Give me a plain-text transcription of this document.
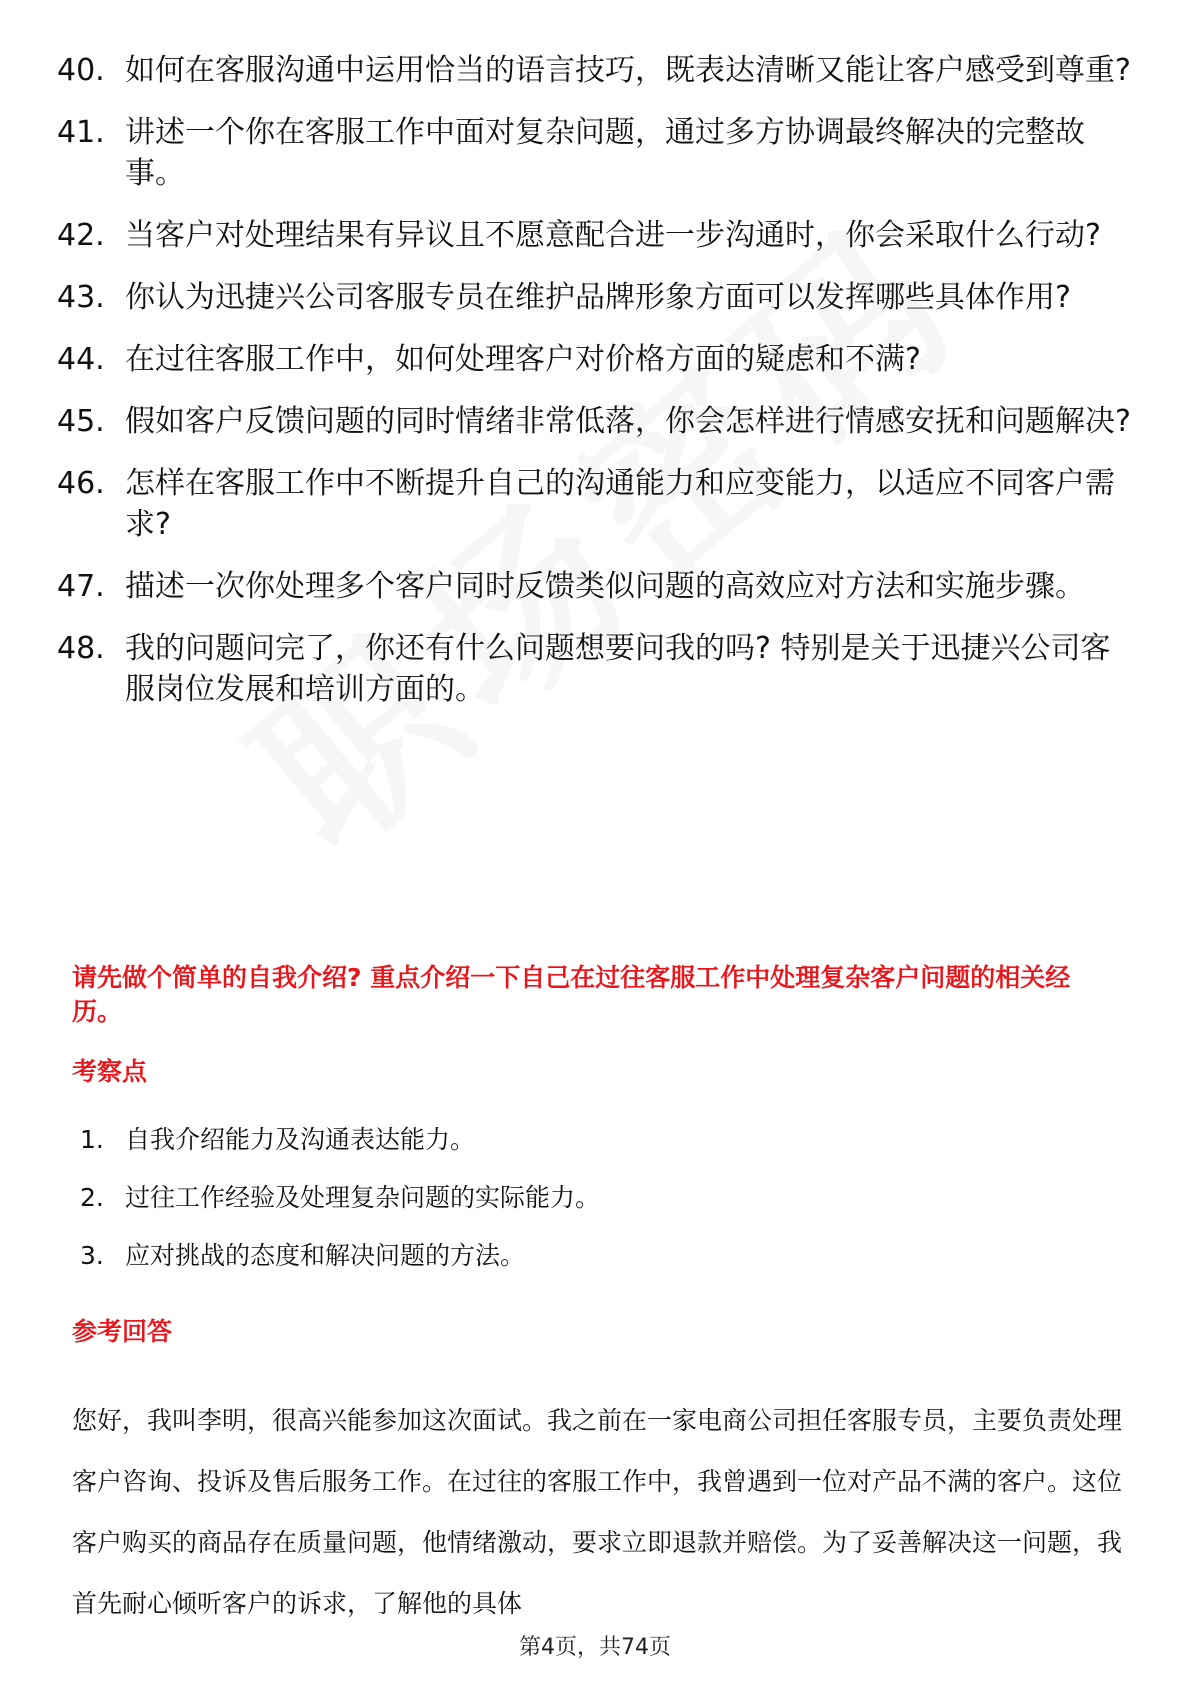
40. 如何在客服沟通中运用恰当的语言技巧，既表达清晰又能让客户感受到尊重?
41. 讲述一个你在客服工作中面对复杂问题，通过多方协调最终解决的完整故事。
42. 当客户对处理结果有异议且不愿意配合进一步沟通时，你会采取什么行动?
43. 你认为迅捷兴公司客服专员在维护品牌形象方面可以发挥哪些具体作用?
44. 在过往客服工作中，如何处理客户对价格方面的疑虑和不满?
45. 假如客户反馈问题的同时情绪非常低落，你会怎样进行情感安抚和问题解决?
46. 怎样在客服工作中不断提升自己的沟通能力和应变能力，以适应不同客户需求?
47. 描述一次你处理多个客户同时反馈类似问题的高效应对方法和实施步骤。
48. 我的问题问完了，你还有什么问题想要问我的吗? 特别是关于迅捷兴公司客服岗位发展和培训方面的。
请先做个简单的自我介绍? 重点介绍一下自己在过往客服工作中处理复杂客户问题的相关经历。
考察点
1. 自我介绍能力及沟通表达能力。
2. 过往工作经验及处理复杂问题的实际能力。
3. 应对挑战的态度和解决问题的方法。
参考回答

您好，我叫李明，很高兴能参加这次面试。我之前在一家电商公司担任客服专员，主要负责处理客户咨询、投诉及售后服务工作。在过往的客服工作中，我曾遇到一位对产品不满的客户。这位客户购买的商品存在质量问题，他情绪激动，要求立即退款并赔偿。为了妥善解决这一问题，我首先耐心倾听客户的诉求，了解他的具体

第4页，共74页
